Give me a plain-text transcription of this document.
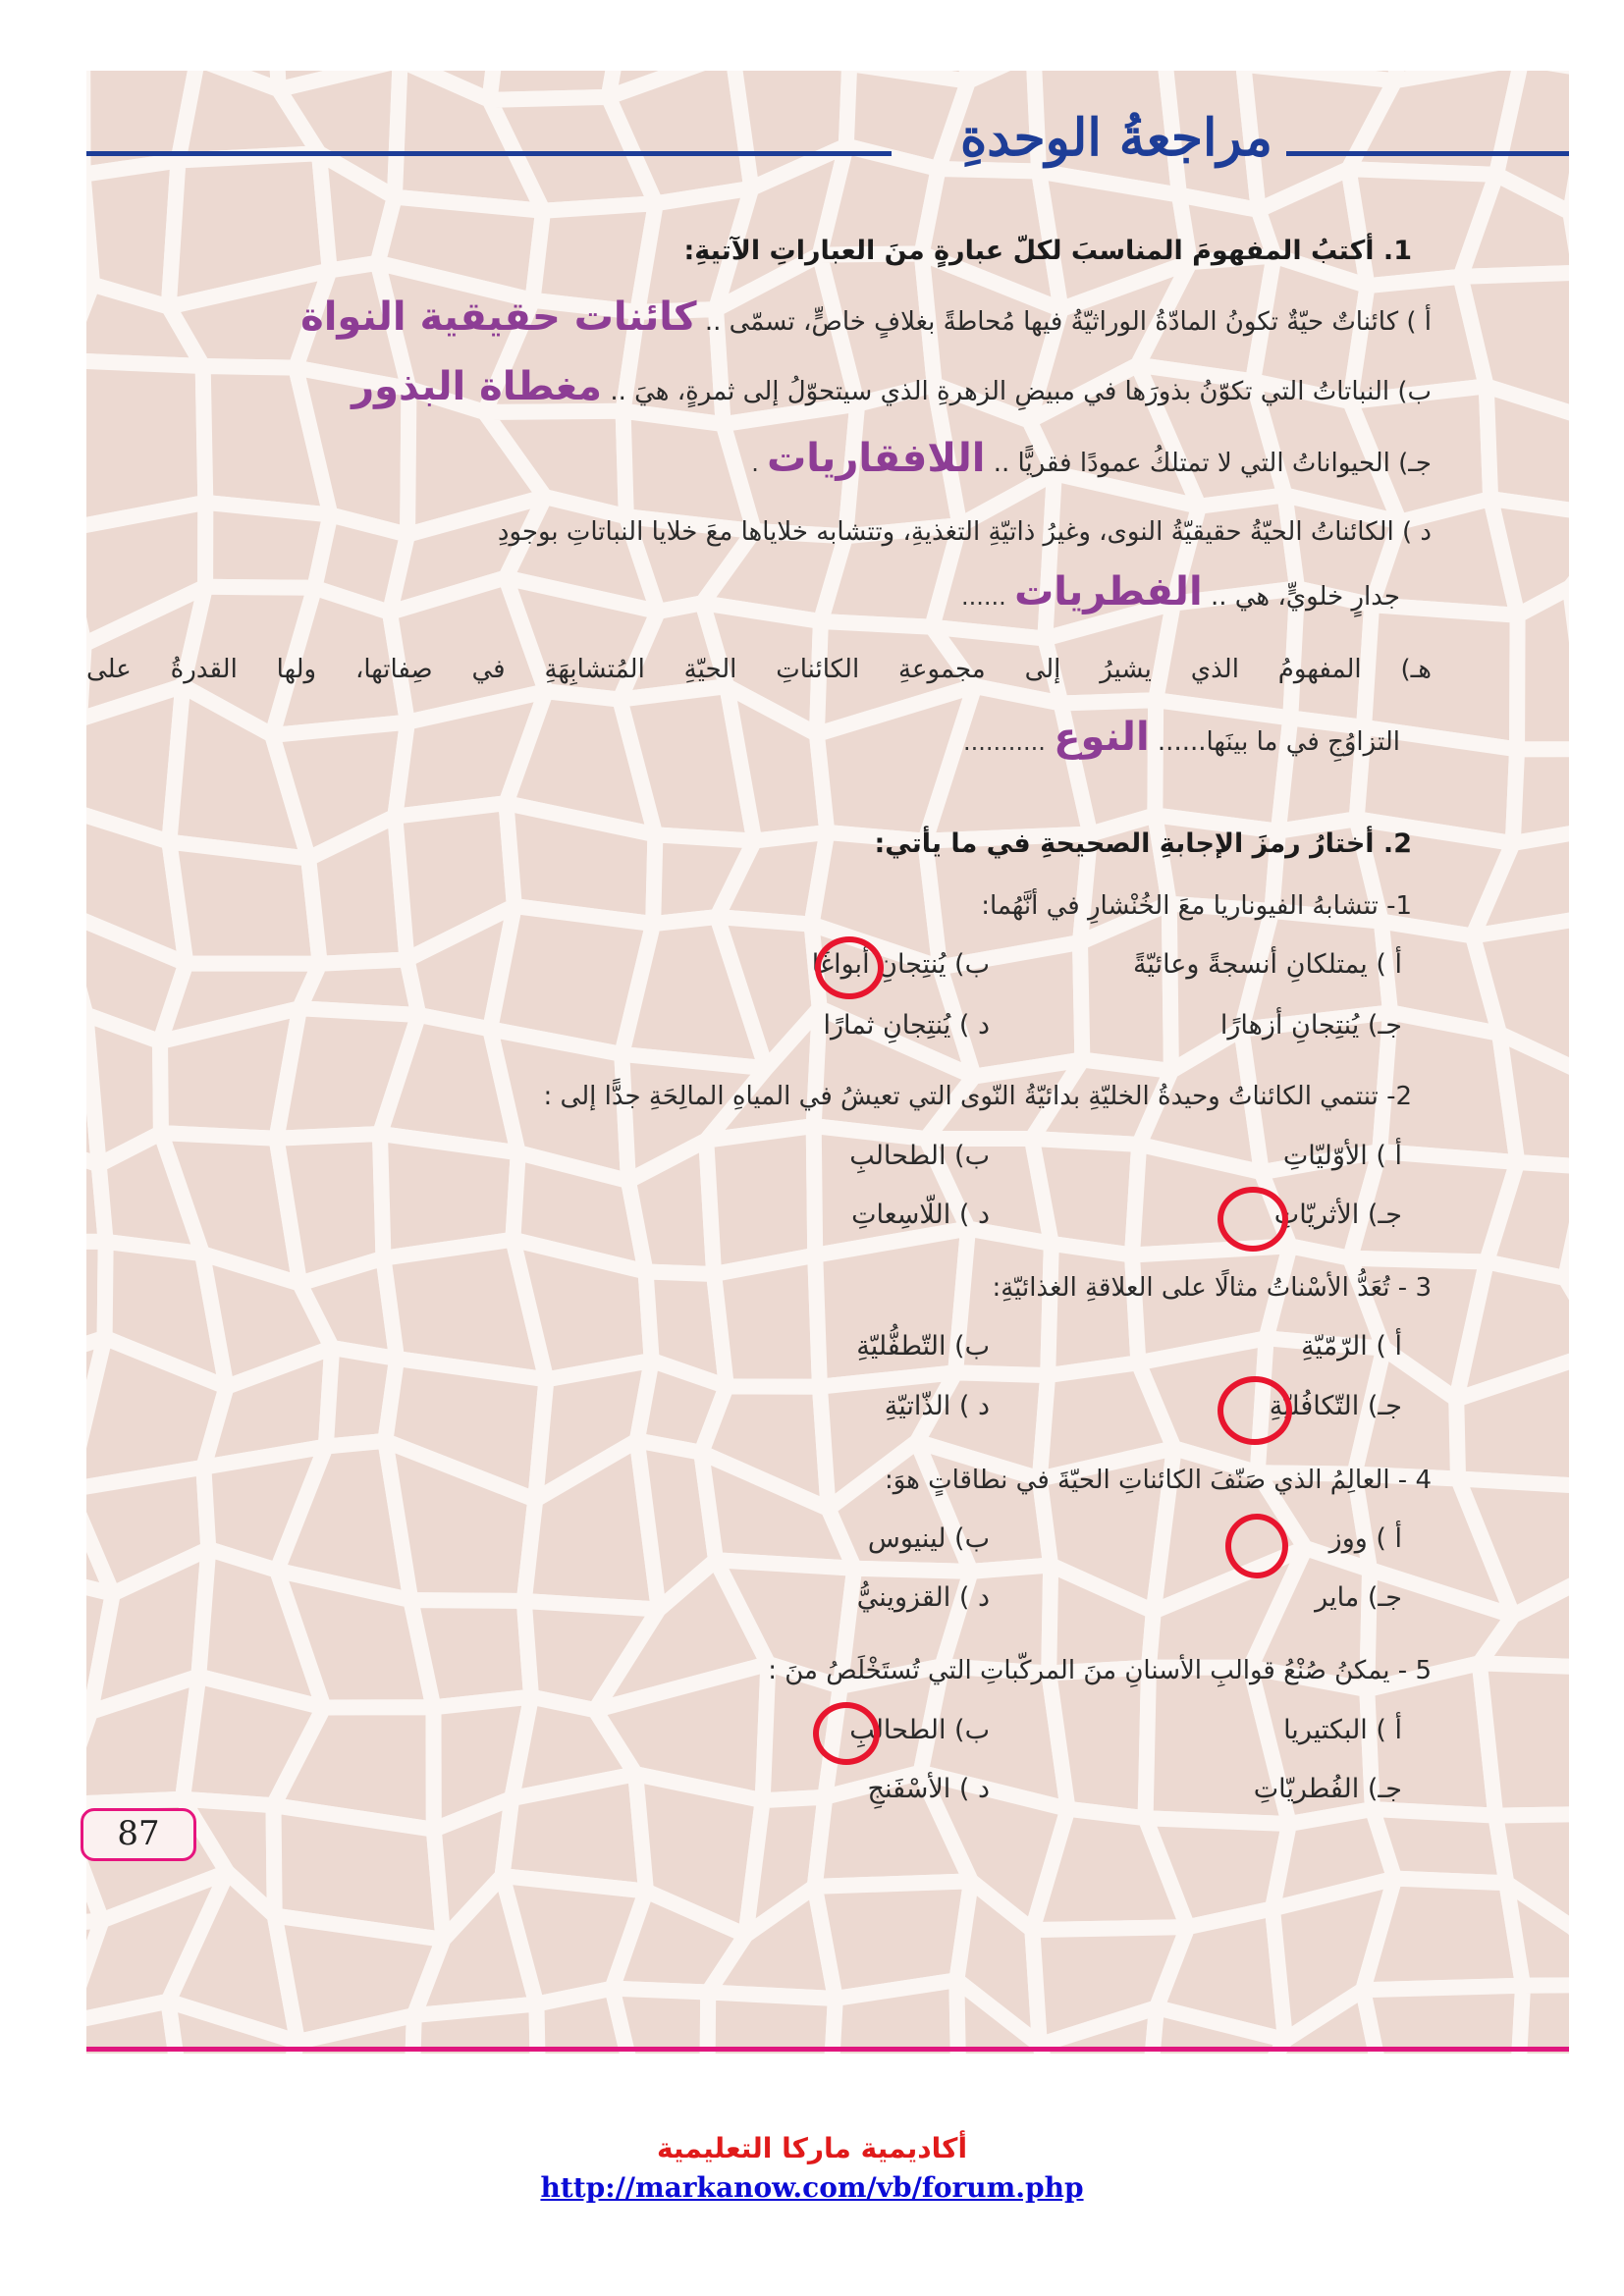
مراجعةُ الوحدةِ
1. أكتبُ المفهومَ المناسبَ لكلّ عبارةٍ منَ العباراتِ الآتيةِ:
أ ) كائناتٌ حيّةٌ تكونُ المادّةُ الوراثيّةُ فيها مُحاطةً بغلافٍ خاصٍّ، تسمّى .. كائنات حقيقية النواة
ب) النباتاتُ التي تكوّنُ بذورَها في مبيضِ الزهرةِ الذي سيتحوّلُ إلى ثمرةٍ، هيَ .. مغطاة البذور
جـ) الحيواناتُ التي لا تمتلكُ عمودًا فقريًّا .. اللافقاريات .
د ) الكائناتُ الحيّةُ حقيقيّةُ النوى، وغيرُ ذاتيّةِ التغذيةِ، وتتشابه خلاياها معَ خلايا النباتاتِ بوجودِ
جدارٍ خلويٍّ، هي .. الفطريات ......
هـ) المفهومُ الذي يشيرُ إلى مجموعةِ الكائناتِ الحيّةِ المُتشابِهَةِ في صِفاتها، ولها القدرةُ على
التزاوُجِ في ما بينَها...... النوع ...........
2. أختارُ رمزَ الإجابةِ الصحيحةِ في ما يأتي:
1- تتشابهُ الفيوناريا معَ الخُنْشارِ في أنَّهُما:
أ ) يمتلكانِ أنسجةً وعائيّةً
ب) يُنتِجانِ أبواغًا
جـ) يُنتِجانِ أزهارًا
د ) يُنتِجانِ ثمارًا
2- تنتمي الكائناتُ وحيدةُ الخليّةِ بدائيّةُ النّوى التي تعيشُ في المياهِ المالِحَةِ جدًّا إلى :
أ ) الأوّليّاتِ
ب) الطحالبِ
جـ) الأثريّاتِ
د ) اللّاسِعاتِ
3 - تُعَدُّ الأسْناتُ مثالًا على العلاقةِ الغذائيّةِ:
أ ) الرّمّيّةِ
ب) التّطفُّليّةِ
جـ) التّكافُليّةِ
د ) الذّاتيّةِ
4 - العالِمُ الذي صَنّفَ الكائناتِ الحيّةَ في نطاقاتٍ هوَ:
أ ) ووز
ب) لينيوس
جـ) ماير
د ) القزوينيُّ
5 - يمكنُ صُنْعُ قوالبِ الأسنانِ منَ المركّباتِ التي تُستَخْلَصُ منَ :
أ ) البكتيريا
ب) الطحالبِ
جـ) الفُطريّاتِ
د ) الأسْفَنجِ
87
أكاديمية ماركا التعليمية
http://markanow.com/vb/forum.php
